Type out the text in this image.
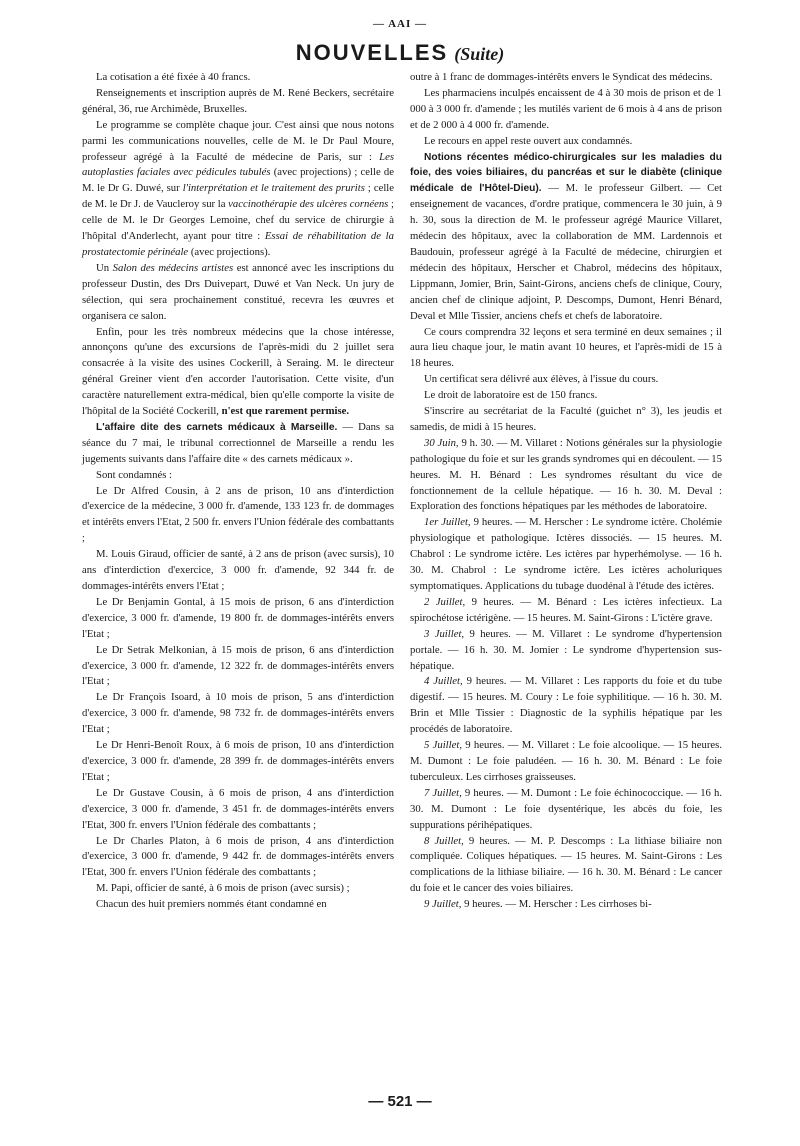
— AAI —
NOUVELLES (Suite)

La cotisation a été fixée à 40 francs.

Renseignements et inscription auprès de M. René Beckers, secrétaire général, 36, rue Archimède, Bruxelles.

Le programme se complète chaque jour. C'est ainsi que nous notons parmi les communications nouvelles, celle de M. le Dr Paul Moure, professeur agrégé à la Faculté de médecine de Paris, sur : Les autoplasties faciales avec pédicules tubulés (avec projections) ; celle de M. le Dr G. Duwé, sur l'interprétation et le traitement des prurits ; celle de M. le Dr J. de Vaucleroy sur la vaccinothérapie des ulcères cornéens ; celle de M. le Dr Georges Lemoine, chef du service de chirurgie à l'hôpital d'Anderlecht, ayant pour titre : Essai de réhabilitation de la prostatectomie périnéale (avec projections).

Un Salon des médecins artistes est annoncé avec les inscriptions du professeur Dustin, des Drs Duivepart, Duwé et Van Neck. Un jury de sélection, qui sera prochainement constitué, recevra les œuvres et organisera ce salon.

Enfin, pour les très nombreux médecins que la chose intéresse, annonçons qu'une des excursions de l'après-midi du 2 juillet sera consacrée à la visite des usines Cockerill, à Seraing. M. le directeur général Greiner vient d'en accorder l'autorisation. Cette visite, d'un caractère naturellement extra-médical, bien qu'elle comporte la visite de l'hôpital de la Société Cockerill, n'est que rarement permise.

L'affaire dite des carnets médicaux à Marseille. — Dans sa séance du 7 mai, le tribunal correctionnel de Marseille a rendu les jugements suivants dans l'affaire dite « des carnets médicaux ».

Sont condamnés :

Le Dr Alfred Cousin, à 2 ans de prison, 10 ans d'interdiction d'exercice de la médecine, 3 000 fr. d'amende, 133 123 fr. de dommages et intérêts envers l'Etat, 2 500 fr. envers l'Union fédérale des combattants ;

M. Louis Giraud, officier de santé, à 2 ans de prison (avec sursis), 10 ans d'interdiction d'exercice, 3 000 fr. d'amende, 92 344 fr. de dommages-intérêts envers l'Etat ;

Le Dr Benjamin Gontal, à 15 mois de prison, 6 ans d'interdiction d'exercice, 3 000 fr. d'amende, 19 800 fr. de dommages-intérêts envers l'Etat ;

Le Dr Setrak Melkonian, à 15 mois de prison, 6 ans d'interdiction d'exercice, 3 000 fr. d'amende, 12 322 fr. de dommages-intérêts envers l'Etat ;

Le Dr François Isoard, à 10 mois de prison, 5 ans d'interdiction d'exercice, 3 000 fr. d'amende, 98 732 fr. de dommages-intérêts envers l'Etat ;

Le Dr Henri-Benoît Roux, à 6 mois de prison, 10 ans d'interdiction d'exercice, 3 000 fr. d'amende, 28 399 fr. de dommages-intérêts envers l'Etat ;

Le Dr Gustave Cousin, à 6 mois de prison, 4 ans d'interdiction d'exercice, 3 000 fr. d'amende, 3 451 fr. de dommages-intérêts envers l'Etat, 300 fr. envers l'Union fédérale des combattants ;

Le Dr Charles Platon, à 6 mois de prison, 4 ans d'interdiction d'exercice, 3 000 fr. d'amende, 9 442 fr. de dommages-intérêts envers l'Etat, 300 fr. envers l'Union fédérale des combattants ;

M. Papi, officier de santé, à 6 mois de prison (avec sursis) ;

Chacun des huit premiers nommés étant condamné en

outre à 1 franc de dommages-intérêts envers le Syndicat des médecins.

Les pharmaciens inculpés encaissent de 4 à 30 mois de prison et de 1 000 à 3 000 fr. d'amende ; les mutilés varient de 6 mois à 4 ans de prison et de 2 000 à 4 000 fr. d'amende.

Le recours en appel reste ouvert aux condamnés.

Notions récentes médico-chirurgicales sur les maladies du foie, des voies biliaires, du pancréas et sur le diabète (clinique médicale de l'Hôtel-Dieu). — M. le professeur Gilbert. — Cet enseignement de vacances, d'ordre pratique, commencera le 30 juin, à 9 h. 30, sous la direction de M. le professeur agrégé Maurice Villaret, médecin des hôpitaux, avec la collaboration de MM. Lardennois et Baudouin, professeur agrégé à la Faculté de médecine, chirurgien et médecin des hôpitaux, Herscher et Chabrol, médecins des hôpitaux, Lippmann, Jomier, Brin, Saint-Girons, anciens chefs de clinique, Coury, ancien chef de clinique adjoint, P. Descomps, Dumont, Henri Bénard, Deval et Mlle Tissier, anciens chefs et chefs de laboratoire.

Ce cours comprendra 32 leçons et sera terminé en deux semaines ; il aura lieu chaque jour, le matin avant 10 heures, et l'après-midi de 15 à 18 heures.

Un certificat sera délivré aux élèves, à l'issue du cours.

Le droit de laboratoire est de 150 francs.

S'inscrire au secrétariat de la Faculté (guichet n° 3), les jeudis et samedis, de midi à 15 heures.

30 Juin, 9 h. 30. — M. Villaret : Notions générales sur la physiologie pathologique du foie et sur les grands syndromes qui en découlent. — 15 heures. M. H. Bénard : Les syndromes résultant du vice de fonctionnement de la cellule hépatique. — 16 h. 30. M. Deval : Exploration des fonctions hépatiques par les méthodes de laboratoire.

1er Juillet, 9 heures. — M. Herscher : Le syndrome ictère. Cholémie physiologique et pathologique. Ictères dissociés. — 15 heures. M. Chabrol : Le syndrome ictère. Les ictères par hyperhémolyse. — 16 h. 30. M. Chabrol : Le syndrome ictère. Les ictères acholuriques symptomatiques. Applications du tubage duodénal à l'étude des ictères.

2 Juillet, 9 heures. — M. Bénard : Les ictères infectieux. La spirochétose ictérigène. — 15 heures. M. Saint-Girons : L'ictère grave.

3 Juillet, 9 heures. — M. Villaret : Le syndrome d'hypertension portale. — 16 h. 30. M. Jomier : Le syndrome d'hypertension sus-hépatique.

4 Juillet, 9 heures. — M. Villaret : Les rapports du foie et du tube digestif. — 15 heures. M. Coury : Le foie syphilitique. — 16 h. 30. M. Brin et Mlle Tissier : Diagnostic de la syphilis hépatique par les procédés de laboratoire.

5 Juillet, 9 heures. — M. Villaret : Le foie alcoolique. — 15 heures. M. Dumont : Le foie paludéen. — 16 h. 30. M. Bénard : Le foie tuberculeux. Les cirrhoses graisseuses.

7 Juillet, 9 heures. — M. Dumont : Le foie échinococcique. — 16 h. 30. M. Dumont : Le foie dysentérique, les abcès du foie, les suppurations périhépatiques.

8 Juillet, 9 heures. — M. P. Descomps : La lithiase biliaire non compliquée. Coliques hépatiques. — 15 heures. M. Saint-Girons : Les complications de la lithiase biliaire. — 16 h. 30. M. Bénard : Le cancer du foie et le cancer des voies biliaires.

9 Juillet, 9 heures. — M. Herscher : Les cirrhoses bi-

— 521 —
